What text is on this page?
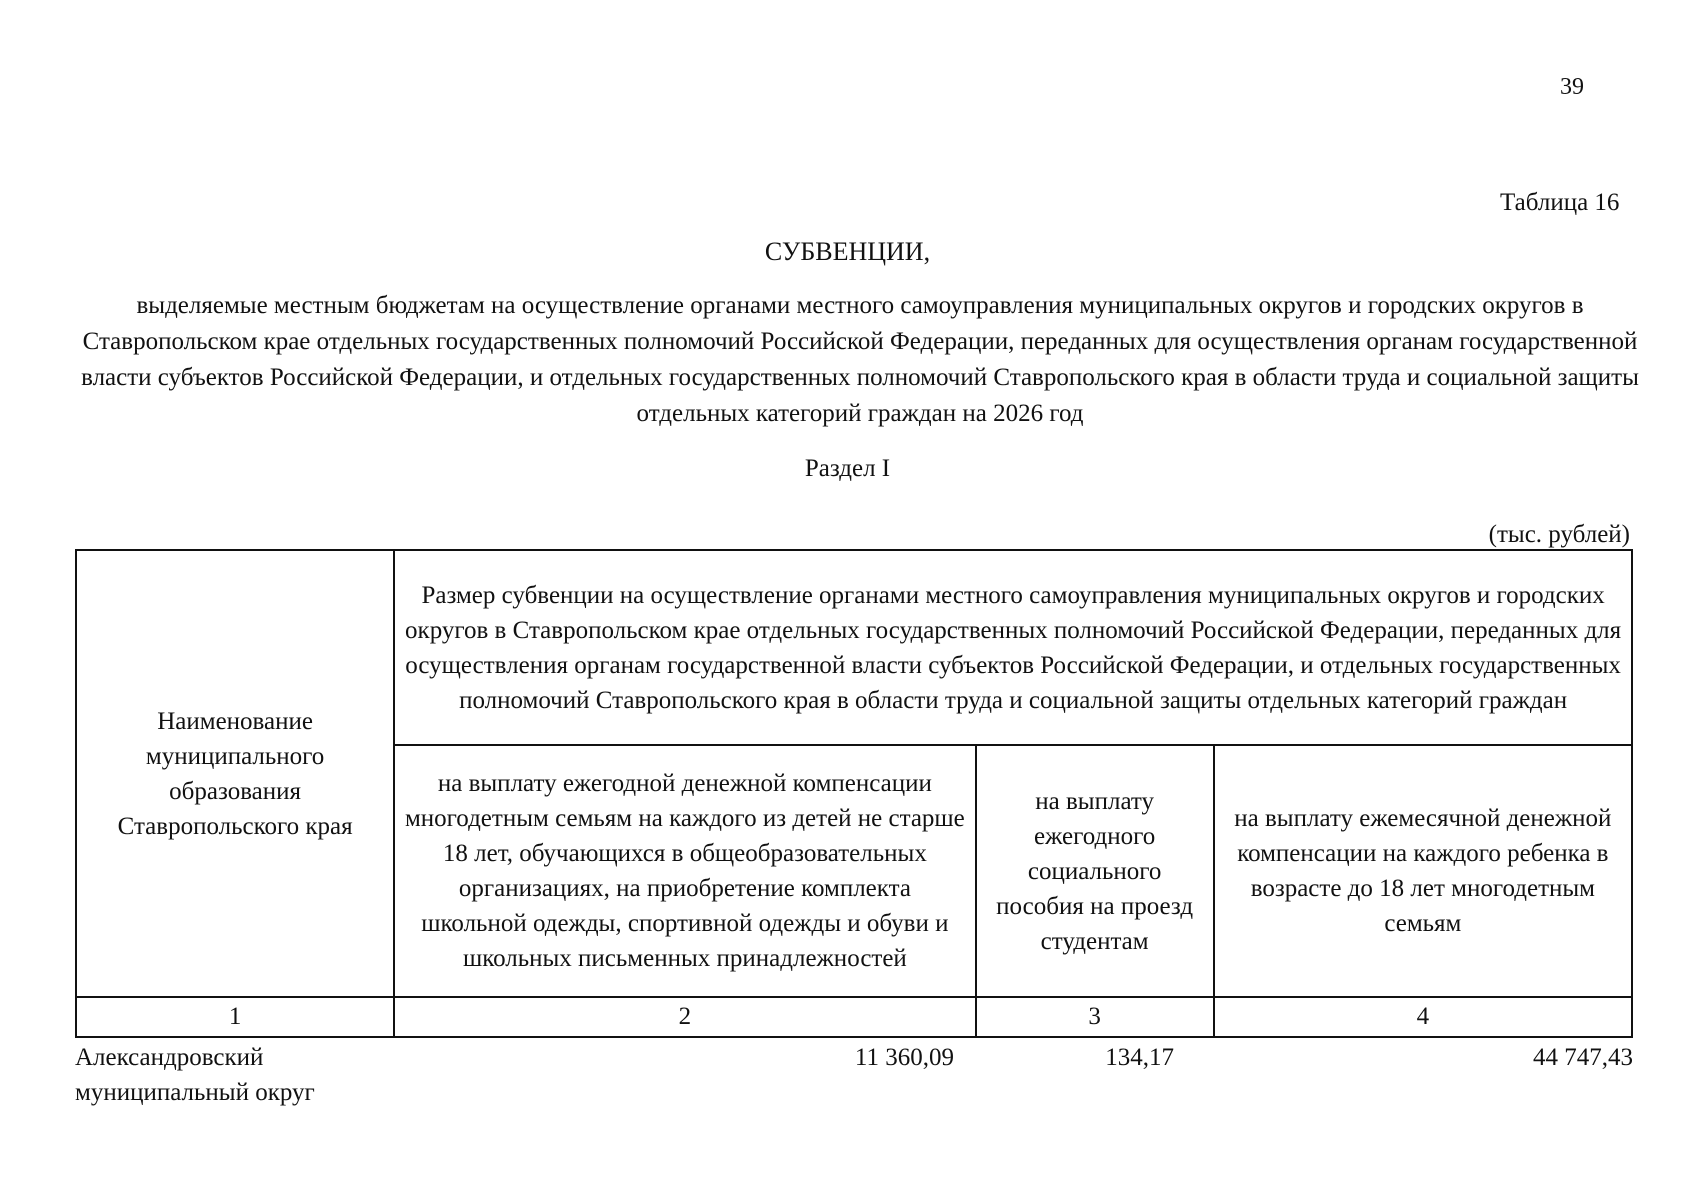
39
Таблица 16
СУБВЕНЦИИ,
выделяемые местным бюджетам на осуществление органами местного самоуправления муниципальных округов и городских округов в Ставропольском крае отдельных государственных полномочий Российской Федерации, переданных для осуществления органам государственной власти субъектов Российской Федерации, и отдельных государственных полномочий Ставропольского края в области труда и социальной защиты отдельных категорий граждан на 2026 год
Раздел I
(тыс. рублей)
Наименование муниципального образования Ставропольского края	Размер субвенции на осуществление органами местного самоуправления муниципальных округов и городских округов в Ставропольском крае отдельных государственных полномочий Российской Федерации, переданных для осуществления органам государственной власти субъектов Российской Федерации, и отдельных государственных полномочий Ставропольского края в области труда и социальной защиты отдельных категорий граждан		
	на выплату ежегодной денежной компенсации многодетным семьям на каждого из детей не старше 18 лет, обучающихся в общеобразовательных организациях, на приобретение комплекта школьной одежды, спортивной одежды и обуви и школьных письменных принадлежностей	на выплату ежегодного социального пособия на проезд студентам	на выплату ежемесячной денежной компенсации на каждого ребенка в возрасте до 18 лет многодетным семьям
1	2	3	4
Александровский муниципальный округ	11 360,09	134,17	44 747,43
